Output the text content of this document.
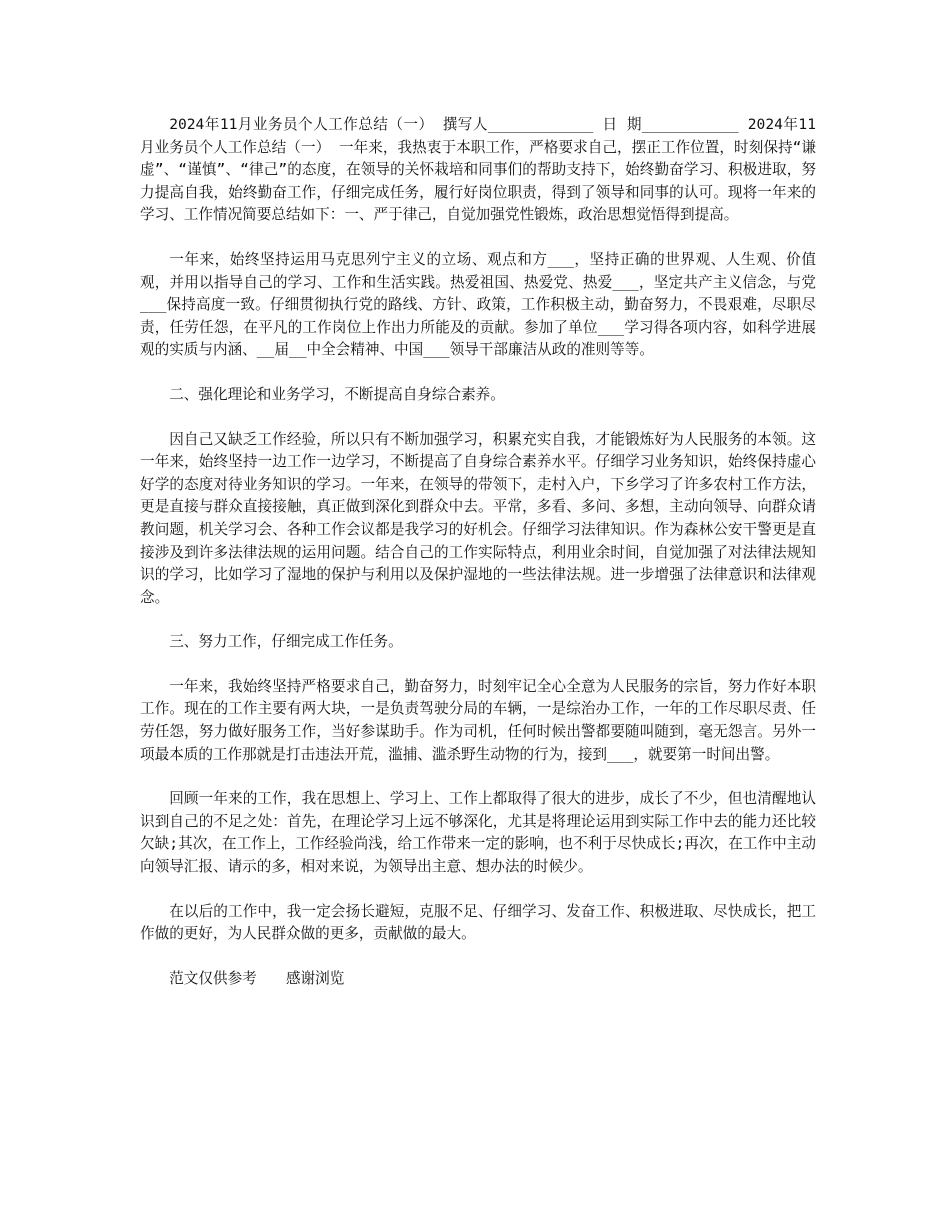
2024年11月业务员个人工作总结（一） 撰写人____________ 日 期___________ 2024年11月业务员个人工作总结（一） 一年来，我热衷于本职工作，严格要求自己，摆正工作位置，时刻保持“谦虚”、“谨慎”、“律己”的态度，在领导的关怀栽培和同事们的帮助支持下，始终勤奋学习、积极进取，努力提高自我，始终勤奋工作，仔细完成任务，履行好岗位职责，得到了领导和同事的认可。现将一年来的学习、工作情况简要总结如下：一、严于律己，自觉加强党性锻炼，政治思想觉悟得到提高。

一年来，始终坚持运用马克思列宁主义的立场、观点和方___，坚持正确的世界观、人生观、价值观，并用以指导自己的学习、工作和生活实践。热爱祖国、热爱党、热爱___，坚定共产主义信念，与党___保持高度一致。仔细贯彻执行党的路线、方针、政策，工作积极主动，勤奋努力，不畏艰难，尽职尽责，任劳任怨，在平凡的工作岗位上作出力所能及的贡献。参加了单位___学习得各项内容，如科学进展观的实质与内涵、__届__中全会精神、中国___领导干部廉洁从政的准则等等。

二、强化理论和业务学习，不断提高自身综合素养。

因自己又缺乏工作经验，所以只有不断加强学习，积累充实自我，才能锻炼好为人民服务的本领。这一年来，始终坚持一边工作一边学习，不断提高了自身综合素养水平。仔细学习业务知识，始终保持虚心好学的态度对待业务知识的学习。一年来，在领导的带领下，走村入户，下乡学习了许多农村工作方法，更是直接与群众直接接触，真正做到深化到群众中去。平常，多看、多问、多想，主动向领导、向群众请教问题，机关学习会、各种工作会议都是我学习的好机会。仔细学习法律知识。作为森林公安干警更是直接涉及到许多法律法规的运用问题。结合自己的工作实际特点，利用业余时间，自觉加强了对法律法规知识的学习，比如学习了湿地的保护与利用以及保护湿地的一些法律法规。进一步增强了法律意识和法律观念。

三、努力工作，仔细完成工作任务。

一年来，我始终坚持严格要求自己，勤奋努力，时刻牢记全心全意为人民服务的宗旨，努力作好本职工作。现在的工作主要有两大块，一是负责驾驶分局的车辆，一是综治办工作，一年的工作尽职尽责、任劳任怨，努力做好服务工作，当好参谋助手。作为司机，任何时候出警都要随叫随到，毫无怨言。另外一项最本质的工作那就是打击违法开荒，滥捕、滥杀野生动物的行为，接到___，就要第一时间出警。

回顾一年来的工作，我在思想上、学习上、工作上都取得了很大的进步，成长了不少，但也清醒地认识到自己的不足之处：首先，在理论学习上远不够深化，尤其是将理论运用到实际工作中去的能力还比较欠缺;其次，在工作上，工作经验尚浅，给工作带来一定的影响，也不利于尽快成长;再次，在工作中主动向领导汇报、请示的多，相对来说，为领导出主意、想办法的时候少。

在以后的工作中，我一定会扬长避短，克服不足、仔细学习、发奋工作、积极进取、尽快成长，把工作做的更好，为人民群众做的更多，贡献做的最大。

范文仅供参考 感谢浏览
